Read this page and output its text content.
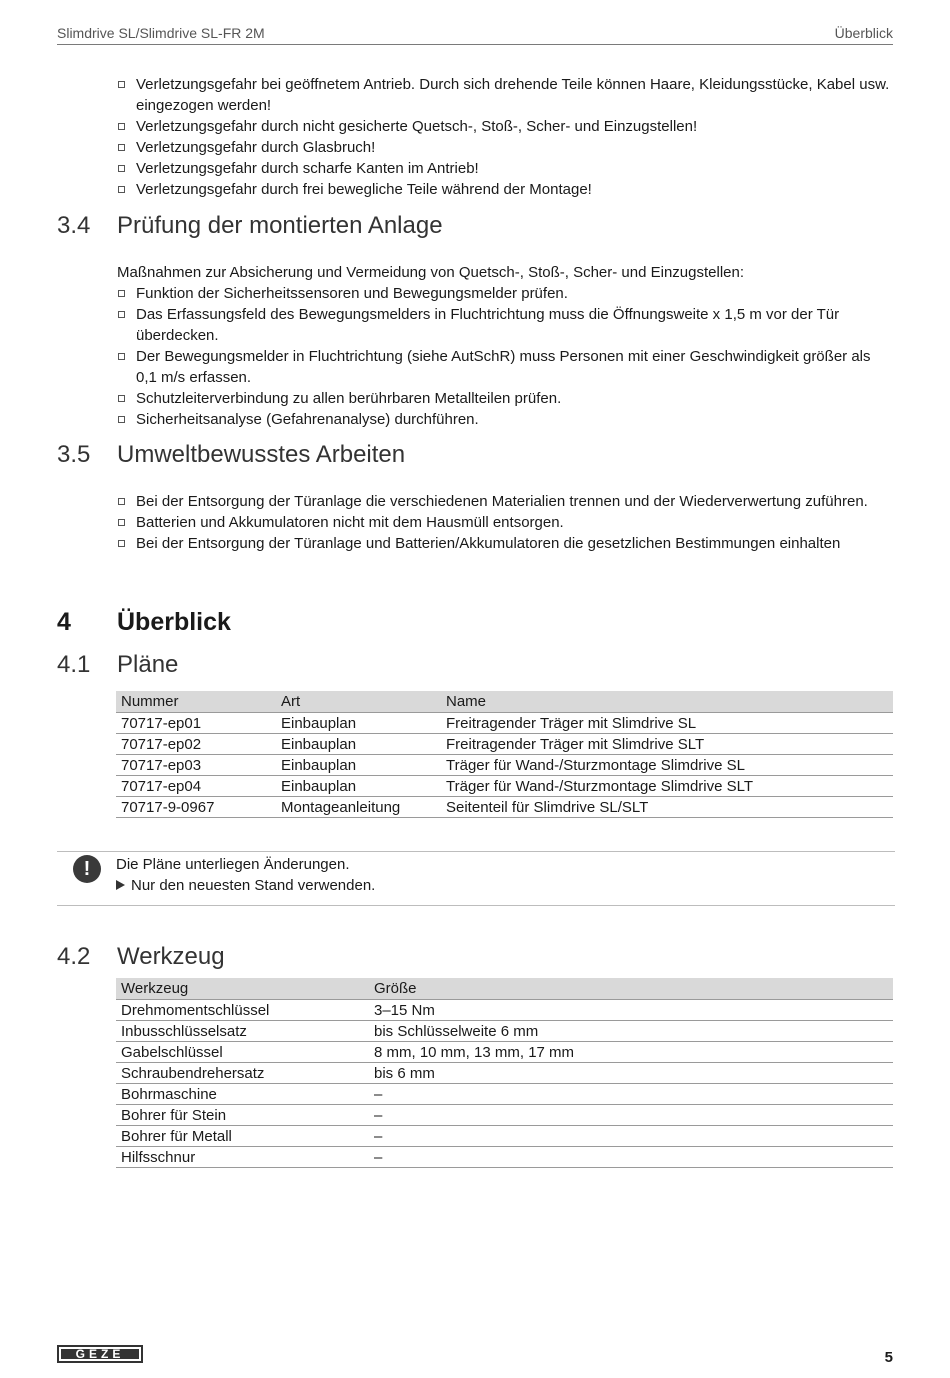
Slimdrive SL/Slimdrive SL-FR 2M	Überblick
Verletzungsgefahr bei geöffnetem Antrieb. Durch sich drehende Teile können Haare, Kleidungsstücke, Kabel usw. eingezogen werden!
Verletzungsgefahr durch nicht gesicherte Quetsch-, Stoß-, Scher- und Einzugstellen!
Verletzungsgefahr durch Glasbruch!
Verletzungsgefahr durch scharfe Kanten im Antrieb!
Verletzungsgefahr durch frei bewegliche Teile während der Montage!
3.4 Prüfung der montierten Anlage
Maßnahmen zur Absicherung und Vermeidung von Quetsch-, Stoß-, Scher- und Einzugstellen:
Funktion der Sicherheitssensoren und Bewegungsmelder prüfen.
Das Erfassungsfeld des Bewegungsmelders in Fluchtrichtung muss die Öffnungsweite x 1,5 m vor der Tür überdecken.
Der Bewegungsmelder in Fluchtrichtung (siehe AutSchR) muss Personen mit einer Geschwindigkeit größer als 0,1 m/s erfassen.
Schutzleiterverbindung zu allen berührbaren Metallteilen prüfen.
Sicherheitsanalyse (Gefahrenanalyse) durchführen.
3.5 Umweltbewusstes Arbeiten
Bei der Entsorgung der Türanlage die verschiedenen Materialien trennen und der Wiederverwertung zuführen.
Batterien und Akkumulatoren nicht mit dem Hausmüll entsorgen.
Bei der Entsorgung der Türanlage und Batterien/Akkumulatoren die gesetzlichen Bestimmungen einhalten
4 Überblick
4.1 Pläne
Nummer	Art	Name
70717-ep01	Einbauplan	Freitragender Träger mit Slimdrive SL
70717-ep02	Einbauplan	Freitragender Träger mit Slimdrive SLT
70717-ep03	Einbauplan	Träger für Wand-/Sturzmontage Slimdrive SL
70717-ep04	Einbauplan	Träger für Wand-/Sturzmontage Slimdrive SLT
70717-9-0967	Montageanleitung	Seitenteil für Slimdrive SL/SLT
!	Die Pläne unterliegen Änderungen.
Nur den neuesten Stand verwenden.
4.2 Werkzeug
Werkzeug	Größe
Drehmomentschlüssel	3–15 Nm
Inbusschlüsselsatz	bis Schlüsselweite 6 mm
Gabelschlüssel	8 mm, 10 mm, 13 mm, 17 mm
Schraubendrehersatz	bis 6 mm
Bohrmaschine	–
Bohrer für Stein	–
Bohrer für Metall	–
Hilfsschnur	–
GEZE	5
